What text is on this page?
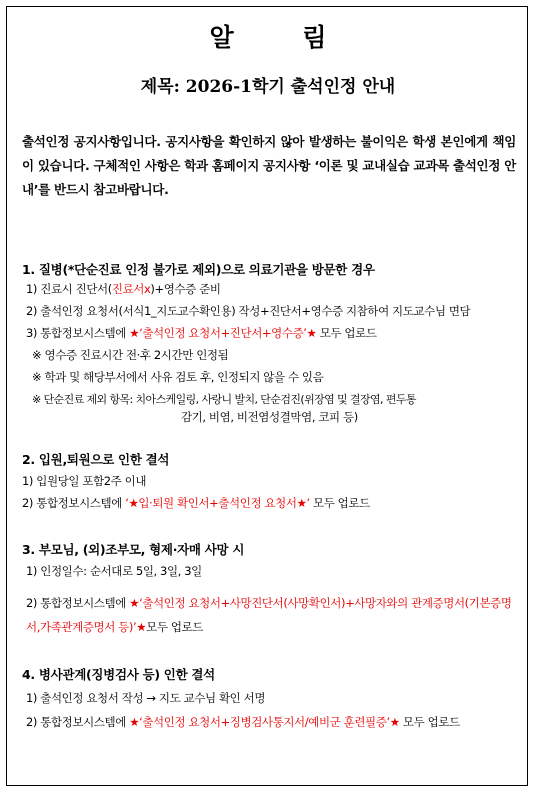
알 림
제목: 2026-1학기 출석인정 안내
출석인정 공지사항입니다. 공지사항을 확인하지 않아 발생하는 불이익은 학생 본인에게 책임이 있습니다. 구체적인 사항은 학과 홈페이지 공지사항 ‘이론 및 교내실습 교과목 출석인정 안내’를 반드시 참고바랍니다.
1. 질병(*단순진료 인정 불가로 제외)으로 의료기관을 방문한 경우
1) 진료시 진단서(진료서x)+영수증 준비
2) 출석인정 요청서(서식1_지도교수확인용) 작성+진단서+영수증 지참하여 지도교수님 면담
3) 통합정보시스템에 ★‘출석인정 요청서+진단서+영수증’★ 모두 업로드
※ 영수증 진료시간 전·후 2시간만 인정됨
※ 학과 및 해당부서에서 사유 검토 후, 인정되지 않을 수 있음
※ 단순진료 제외 항목: 치아스케일링, 사랑니 발치, 단순검진(위장염 및 결장염, 편두통
감기, 비염, 비전염성결막염, 코피 등)
2. 입원,퇴원으로 인한 결석
1) 입원당일 포함2주 이내
2) 통합정보시스템에 ‘★입·퇴원 확인서+출석인정 요청서★’ 모두 업로드
3. 부모님, (외)조부모, 형제·자매 사망 시
1) 인정일수: 순서대로 5일, 3일, 3일
2) 통합정보시스템에 ★‘출석인정 요청서+사망진단서(사망확인서)+사망자와의 관계증명서(기본증명서,가족관계증명서 등)’★모두 업로드
4. 병사관계(징병검사 등) 인한 결석
1) 출석인정 요청서 작성 → 지도 교수님 확인 서명
2) 통합정보시스템에 ★‘출석인정 요청서+징병검사통지서/예비군 훈련필증’★ 모두 업로드
